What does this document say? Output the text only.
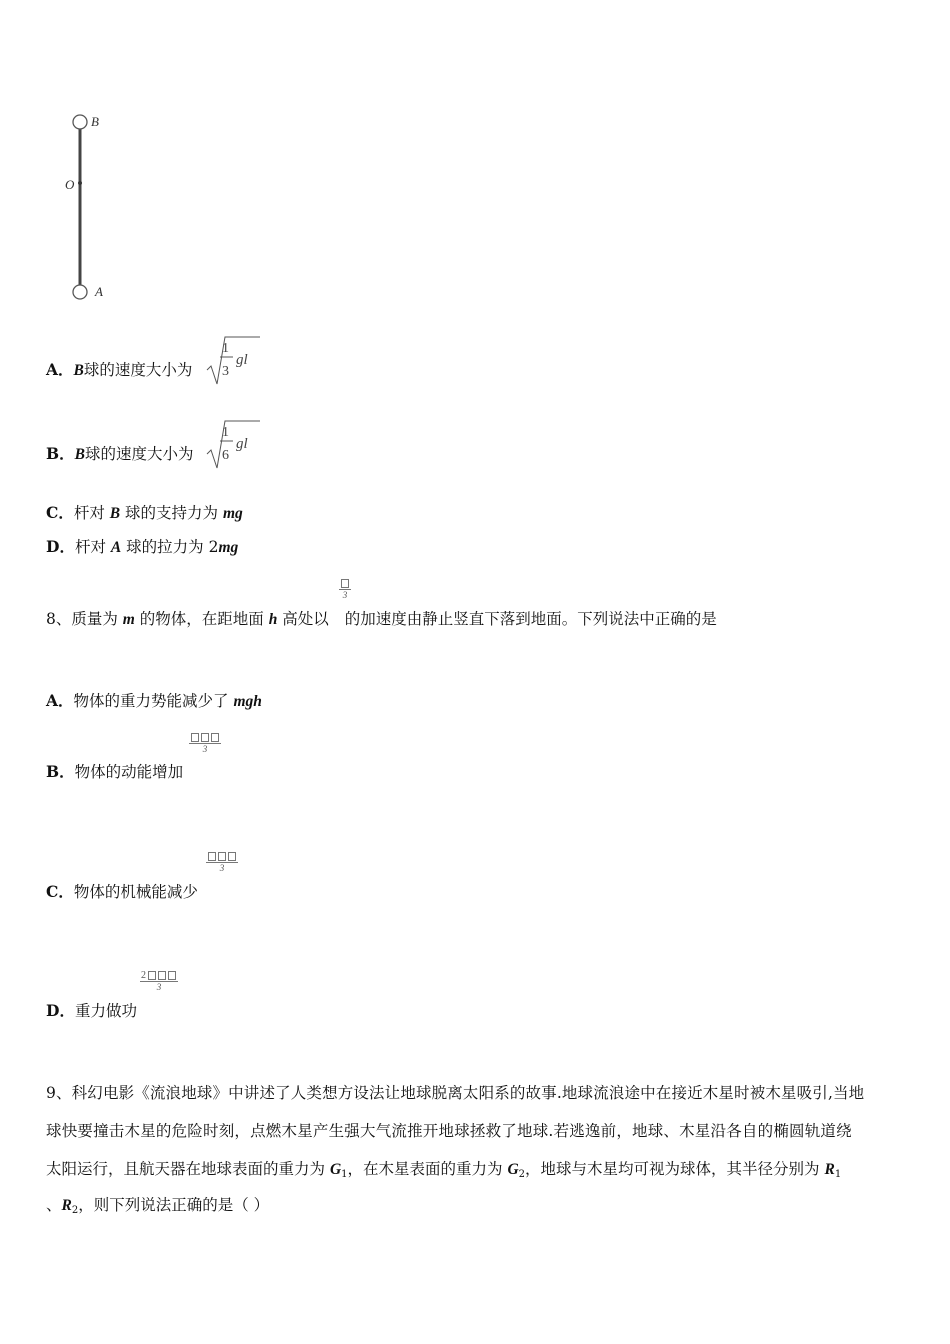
B
O
A
A．B球的速度大小为
1
3
gl
B．B球的速度大小为
1
6
gl
C．杆对 B 球的支持力为 mg
D．杆对 A 球的拉力为 2mg
8、质量为 m 的物体，在距地面 h 高处以 的加速度由静止竖直下落到地面。下列说法中正确的是
3
A．物体的重力势能减少了 mgh
B．物体的动能增加
3
C．物体的机械能减少
3
D．重力做功
$\frac{2}{3}$
9、科幻电影《流浪地球》中讲述了人类想方设法让地球脱离太阳系的故事.地球流浪途中在接近木星时被木星吸引,当地
球快要撞击木星的危险时刻，点燃木星产生强大气流推开地球拯救了地球.若逃逸前，地球、木星沿各自的椭圆轨道绕
太阳运行，且航天器在地球表面的重力为 $G_1$，在木星表面的重力为 $G_2$，地球与木星均可视为球体，其半径分别为 $R_1$
、$R_2$，则下列说法正确的是（ ）
